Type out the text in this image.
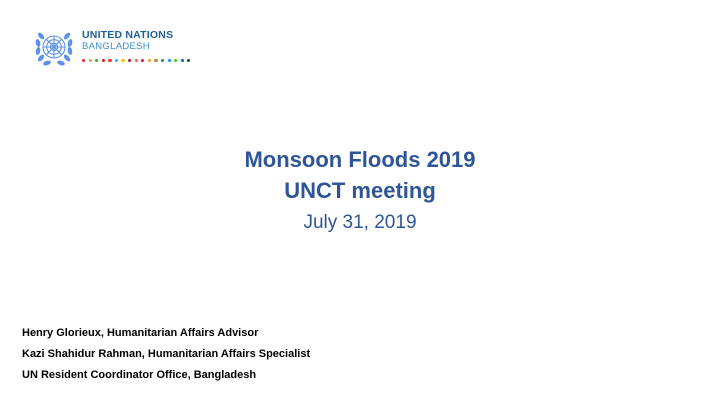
UNITED NATIONS
BANGLADESH
Monsoon Floods 2019
UNCT meeting
July 31, 2019
Henry Glorieux, Humanitarian Affairs Advisor
Kazi Shahidur Rahman, Humanitarian Affairs Specialist
UN Resident Coordinator Office, Bangladesh
